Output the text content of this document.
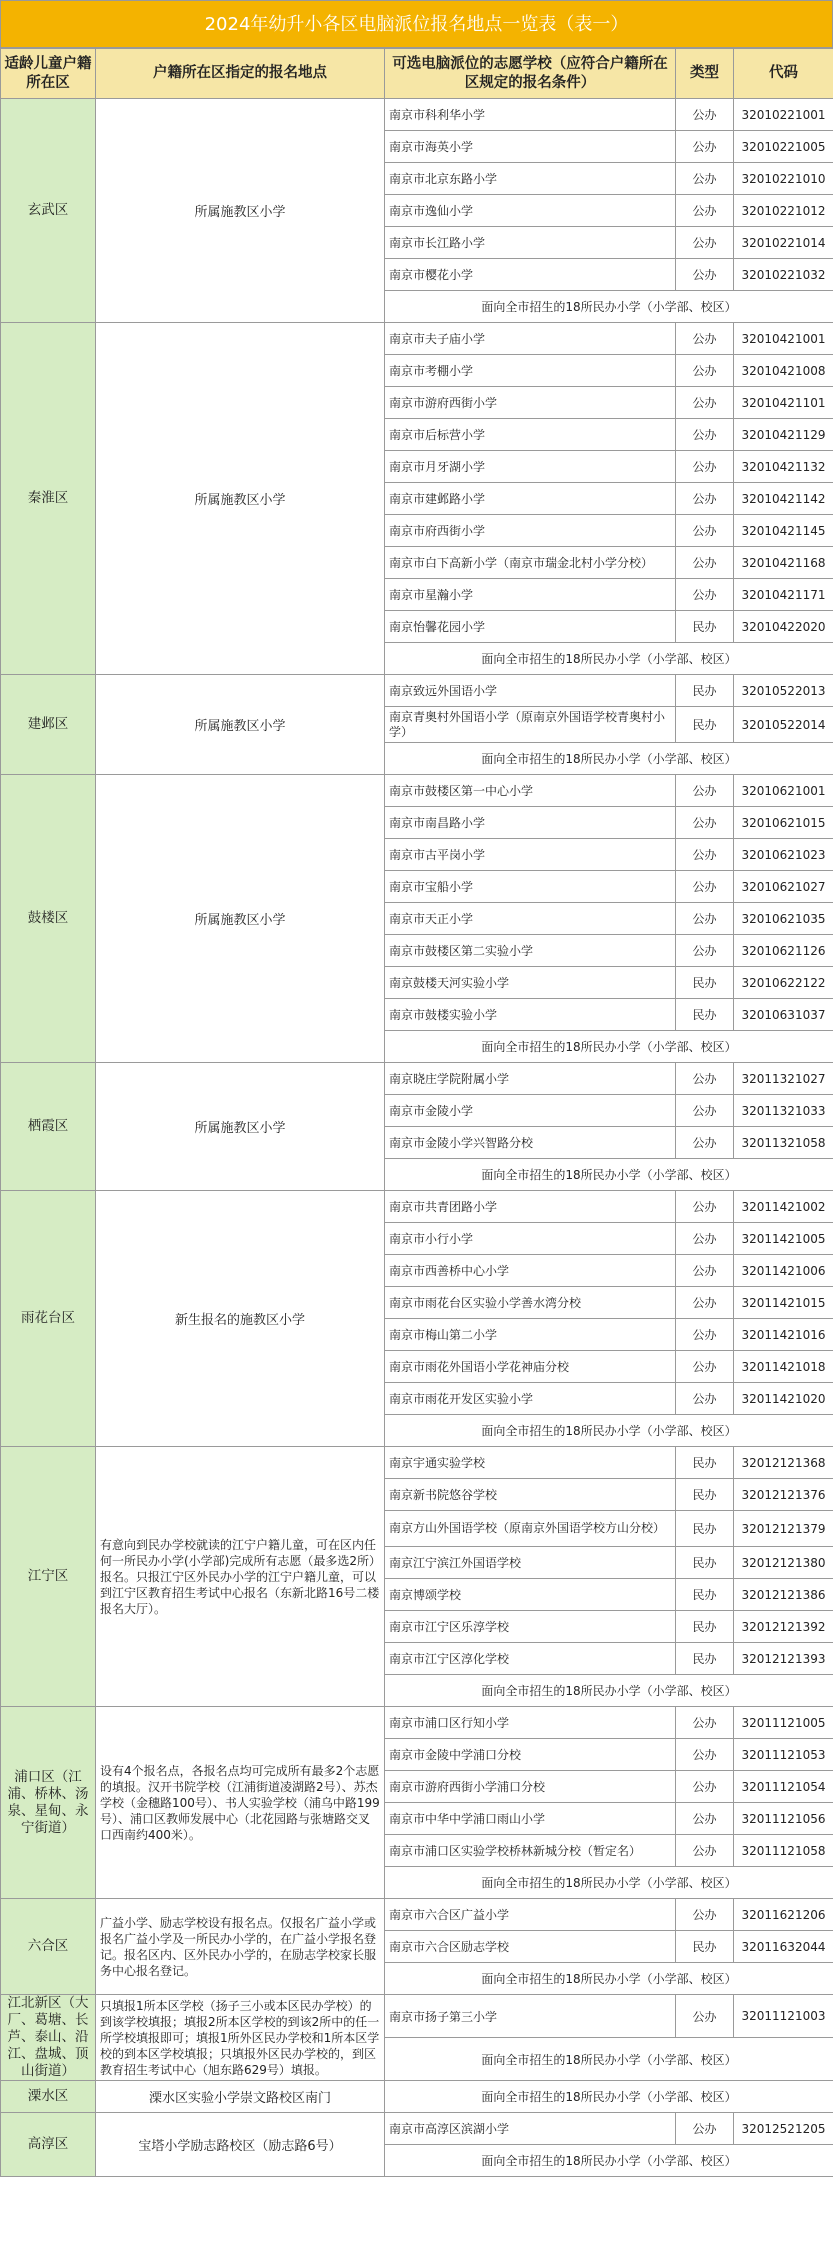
2024年幼升小各区电脑派位报名地点一览表（表一）
适龄儿童户籍所在区	户籍所在区指定的报名地点	可选电脑派位的志愿学校（应符合户籍所在区规定的报名条件）	类型	代码
玄武区	所属施教区小学	南京市科利华小学	公办	32010221001
		南京市海英小学	公办	32010221005
		南京市北京东路小学	公办	32010221010
		南京市逸仙小学	公办	32010221012
		南京市长江路小学	公办	32010221014
		南京市樱花小学	公办	32010221032
		面向全市招生的18所民办小学（小学部、校区）		
秦淮区	所属施教区小学	南京市夫子庙小学	公办	32010421001
		南京市考棚小学	公办	32010421008
		南京市游府西街小学	公办	32010421101
		南京市后标营小学	公办	32010421129
		南京市月牙湖小学	公办	32010421132
		南京市建邺路小学	公办	32010421142
		南京市府西街小学	公办	32010421145
		南京市白下高新小学（南京市瑞金北村小学分校）	公办	32010421168
		南京市星瀚小学	公办	32010421171
		南京怡馨花园小学	民办	32010422020
		面向全市招生的18所民办小学（小学部、校区）		
建邺区	所属施教区小学	南京致远外国语小学	民办	32010522013
		南京青奥村外国语小学（原南京外国语学校青奥村小学）	民办	32010522014
		面向全市招生的18所民办小学（小学部、校区）		
鼓楼区	所属施教区小学	南京市鼓楼区第一中心小学	公办	32010621001
		南京市南昌路小学	公办	32010621015
		南京市古平岗小学	公办	32010621023
		南京市宝船小学	公办	32010621027
		南京市天正小学	公办	32010621035
		南京市鼓楼区第二实验小学	公办	32010621126
		南京鼓楼天河实验小学	民办	32010622122
		南京市鼓楼实验小学	民办	32010631037
		面向全市招生的18所民办小学（小学部、校区）		
栖霞区	所属施教区小学	南京晓庄学院附属小学	公办	32011321027
		南京市金陵小学	公办	32011321033
		南京市金陵小学兴智路分校	公办	32011321058
		面向全市招生的18所民办小学（小学部、校区）		
雨花台区	新生报名的施教区小学	南京市共青团路小学	公办	32011421002
		南京市小行小学	公办	32011421005
		南京市西善桥中心小学	公办	32011421006
		南京市雨花台区实验小学善水湾分校	公办	32011421015
		南京市梅山第二小学	公办	32011421016
		南京市雨花外国语小学花神庙分校	公办	32011421018
		南京市雨花开发区实验小学	公办	32011421020
		面向全市招生的18所民办小学（小学部、校区）		
江宁区	有意向到民办学校就读的江宁户籍儿童，可在区内任何一所民办小学(小学部)完成所有志愿（最多选2所）报名。只报江宁区外民办小学的江宁户籍儿童，可以到江宁区教育招生考试中心报名（东新北路16号二楼报名大厅）。	南京宇通实验学校	民办	32012121368
		南京新书院悠谷学校	民办	32012121376
		南京方山外国语学校（原南京外国语学校方山分校）	民办	32012121379
		南京江宁滨江外国语学校	民办	32012121380
		南京博颂学校	民办	32012121386
		南京市江宁区乐淳学校	民办	32012121392
		南京市江宁区淳化学校	民办	32012121393
		面向全市招生的18所民办小学（小学部、校区）		
浦口区（江浦、桥林、汤泉、星甸、永宁街道）	设有4个报名点，各报名点均可完成所有最多2个志愿的填报。汉开书院学校（江浦街道凌湖路2号）、苏杰学校（金穗路100号）、书人实验学校（浦乌中路199号）、浦口区教师发展中心（北花园路与张塘路交叉口西南约400米）。	南京市浦口区行知小学	公办	32011121005
		南京市金陵中学浦口分校	公办	32011121053
		南京市游府西街小学浦口分校	公办	32011121054
		南京市中华中学浦口雨山小学	公办	32011121056
		南京市浦口区实验学校桥林新城分校（暂定名）	公办	32011121058
		面向全市招生的18所民办小学（小学部、校区）		
六合区	广益小学、励志学校设有报名点。仅报名广益小学或报名广益小学及一所民办小学的，在广益小学报名登记。报名区内、区外民办小学的，在励志学校家长服务中心报名登记。	南京市六合区广益小学	公办	32011621206
		南京市六合区励志学校	民办	32011632044
		面向全市招生的18所民办小学（小学部、校区）		
江北新区（大厂、葛塘、长芦、泰山、沿江、盘城、顶山街道）	只填报1所本区学校（扬子三小或本区民办学校）的到该学校填报；填报2所本区学校的到该2所中的任一所学校填报即可；填报1所外区民办学校和1所本区学校的到本区学校填报；只填报外区民办学校的，到区教育招生考试中心（旭东路629号）填报。	南京市扬子第三小学	公办	32011121003
		面向全市招生的18所民办小学（小学部、校区）		
溧水区	溧水区实验小学崇文路校区南门	面向全市招生的18所民办小学（小学部、校区）		
高淳区	宝塔小学励志路校区（励志路6号）	南京市高淳区滨湖小学	公办	32012521205
		面向全市招生的18所民办小学（小学部、校区）		
